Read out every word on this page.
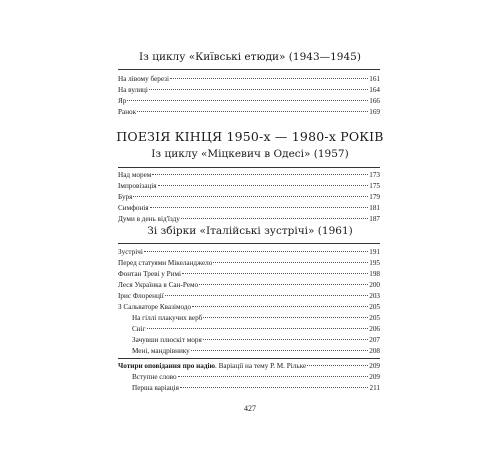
Із циклу «Київські етюди» (1943—1945)
На лівому березі	161
На вулиці	164
Яр	166
Ранок	169
ПОЕЗІЯ КІНЦЯ 1950-х — 1980-х РОКІВ
Із циклу «Міцкевич в Одесі» (1957)
Над морем	173
Імпровізація	175
Буря	179
Симфонія	181
Думи в день від'їзду	187
Зі збірки «Італійські зустрічі» (1961)
Зустрічі	191
Перед статуями Мікеланджело	195
Фонтан Треві у Римі	198
Леся Українка в Сан-Ремо	200
Ірис Флоренції	203
З Сальваторе Квазімодо	205
На гіллі плакучих верб	205
Сніг	206
Зачувши плюскіт моря	207
Мені, мандрівнику	208
Чотири оповідання про надію. Варіації на тему Р. М. Рільке	209
Вступне слово	209
Перша варіація	211
427
